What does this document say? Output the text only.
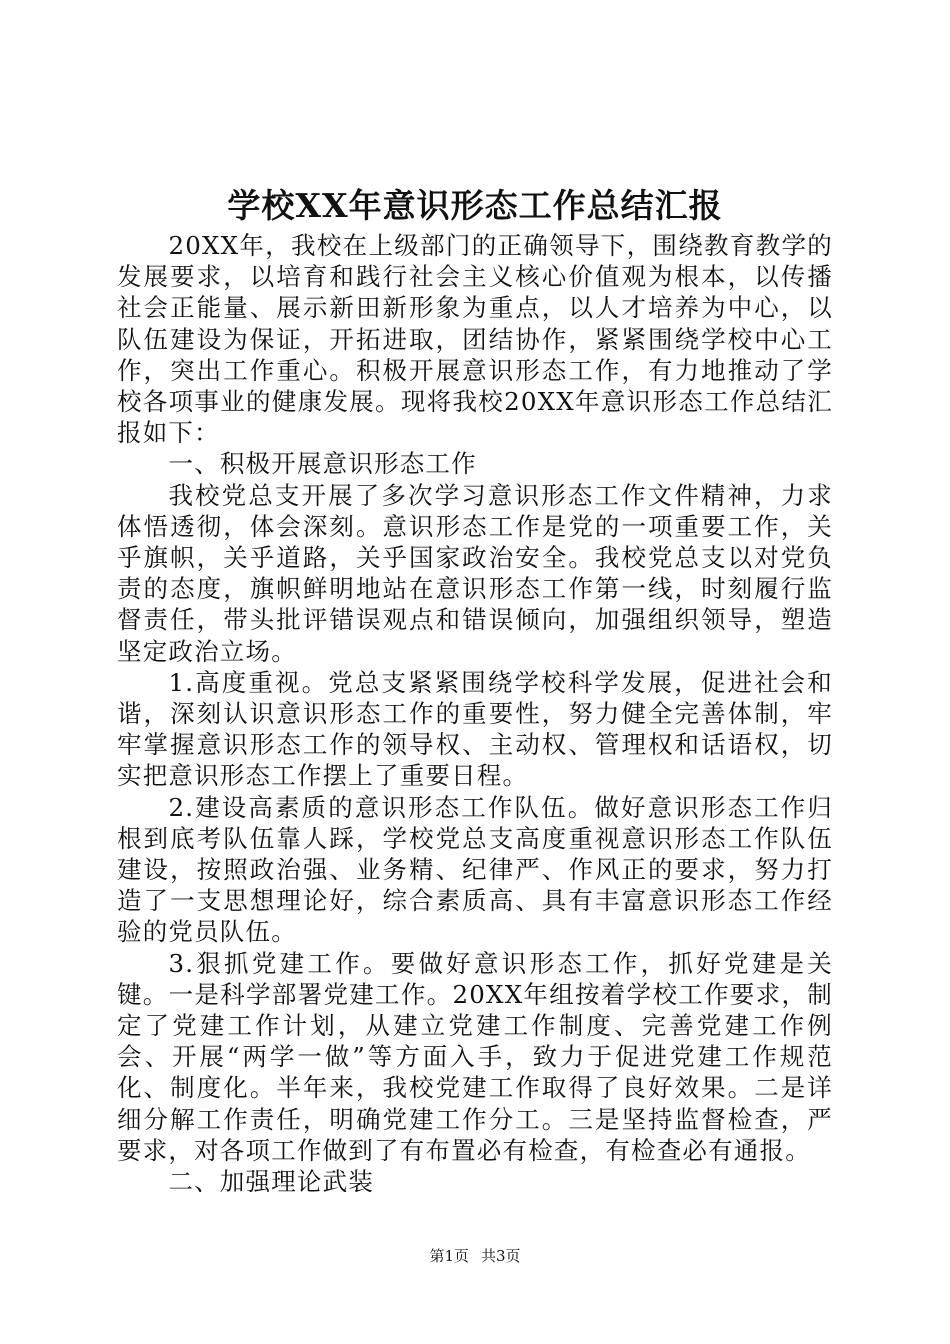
学校XX年意识形态工作总结汇报

20XX年，我校在上级部门的正确领导下，围绕教育教学的发展要求，以培育和践行社会主义核心价值观为根本，以传播社会正能量、展示新田新形象为重点，以人才培养为中心，以队伍建设为保证，开拓进取，团结协作，紧紧围绕学校中心工作，突出工作重心。积极开展意识形态工作，有力地推动了学校各项事业的健康发展。现将我校20XX年意识形态工作总结汇报如下：

一、积极开展意识形态工作

我校党总支开展了多次学习意识形态工作文件精神，力求体悟透彻，体会深刻。意识形态工作是党的一项重要工作，关乎旗帜，关乎道路，关乎国家政治安全。我校党总支以对党负责的态度，旗帜鲜明地站在意识形态工作第一线，时刻履行监督责任，带头批评错误观点和错误倾向，加强组织领导，塑造坚定政治立场。

1.高度重视。党总支紧紧围绕学校科学发展，促进社会和谐，深刻认识意识形态工作的重要性，努力健全完善体制，牢牢掌握意识形态工作的领导权、主动权、管理权和话语权，切实把意识形态工作摆上了重要日程。

2.建设高素质的意识形态工作队伍。做好意识形态工作归根到底考队伍靠人踩，学校党总支高度重视意识形态工作队伍建设，按照政治强、业务精、纪律严、作风正的要求，努力打造了一支思想理论好，综合素质高、具有丰富意识形态工作经验的党员队伍。

3.狠抓党建工作。要做好意识形态工作，抓好党建是关键。一是科学部署党建工作。20XX年组按着学校工作要求，制定了党建工作计划，从建立党建工作制度、完善党建工作例会、开展“两学一做”等方面入手，致力于促进党建工作规范化、制度化。半年来，我校党建工作取得了良好效果。二是详细分解工作责任，明确党建工作分工。三是坚持监督检查，严要求，对各项工作做到了有布置必有检查，有检查必有通报。

二、加强理论武装

第1页 共3页
